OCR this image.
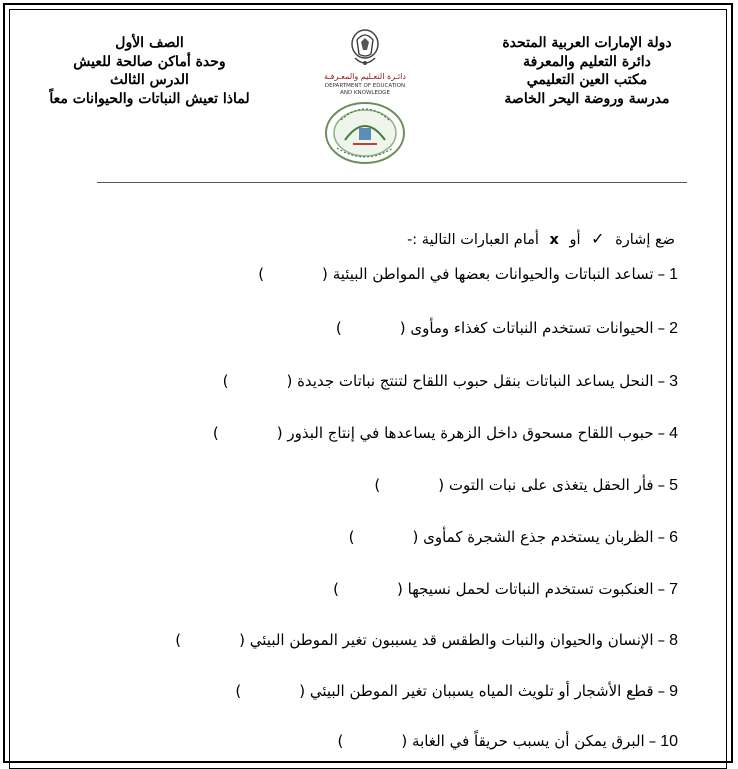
دولة الإمارات العربية المتحدة
دائرة التعليم والمعرفة
مكتب العين التعليمي
مدرسة وروضة اليحر الخاصة
الصف الأول
وحدة أماكن صالحة للعيش
الدرس الثالث
لماذا تعيش النباتات والحيوانات معاً
دائـرة التعـليم والمعـرفـة
DEPARTMENT OF EDUCATION
AND KNOWLEDGE
ضع إشارة ✓ أو x أمام العبارات التالية :-
1–تساعد النباتات والحيوانات بعضها في المواطن البيئية ()
2–الحيوانات تستخدم النباتات كغذاء ومأوى ()
3–النحل يساعد النباتات بنقل حبوب اللقاح لتنتج نباتات جديدة ()
4–حبوب اللقاح مسحوق داخل الزهرة يساعدها في إنتاج البذور ()
5–فأر الحقل يتغذى على نبات التوت ()
6–الظربان يستخدم جذع الشجرة كمأوى ()
7–العنكبوت تستخدم النباتات لحمل نسيجها ()
8–الإنسان والحيوان والنبات والطقس قد يسببون تغير الموطن البيئي ()
9–قطع الأشجار أو تلويث المياه يسببان تغير الموطن البيئي ()
10–البرق يمكن أن يسبب حريقاً في الغابة ()
